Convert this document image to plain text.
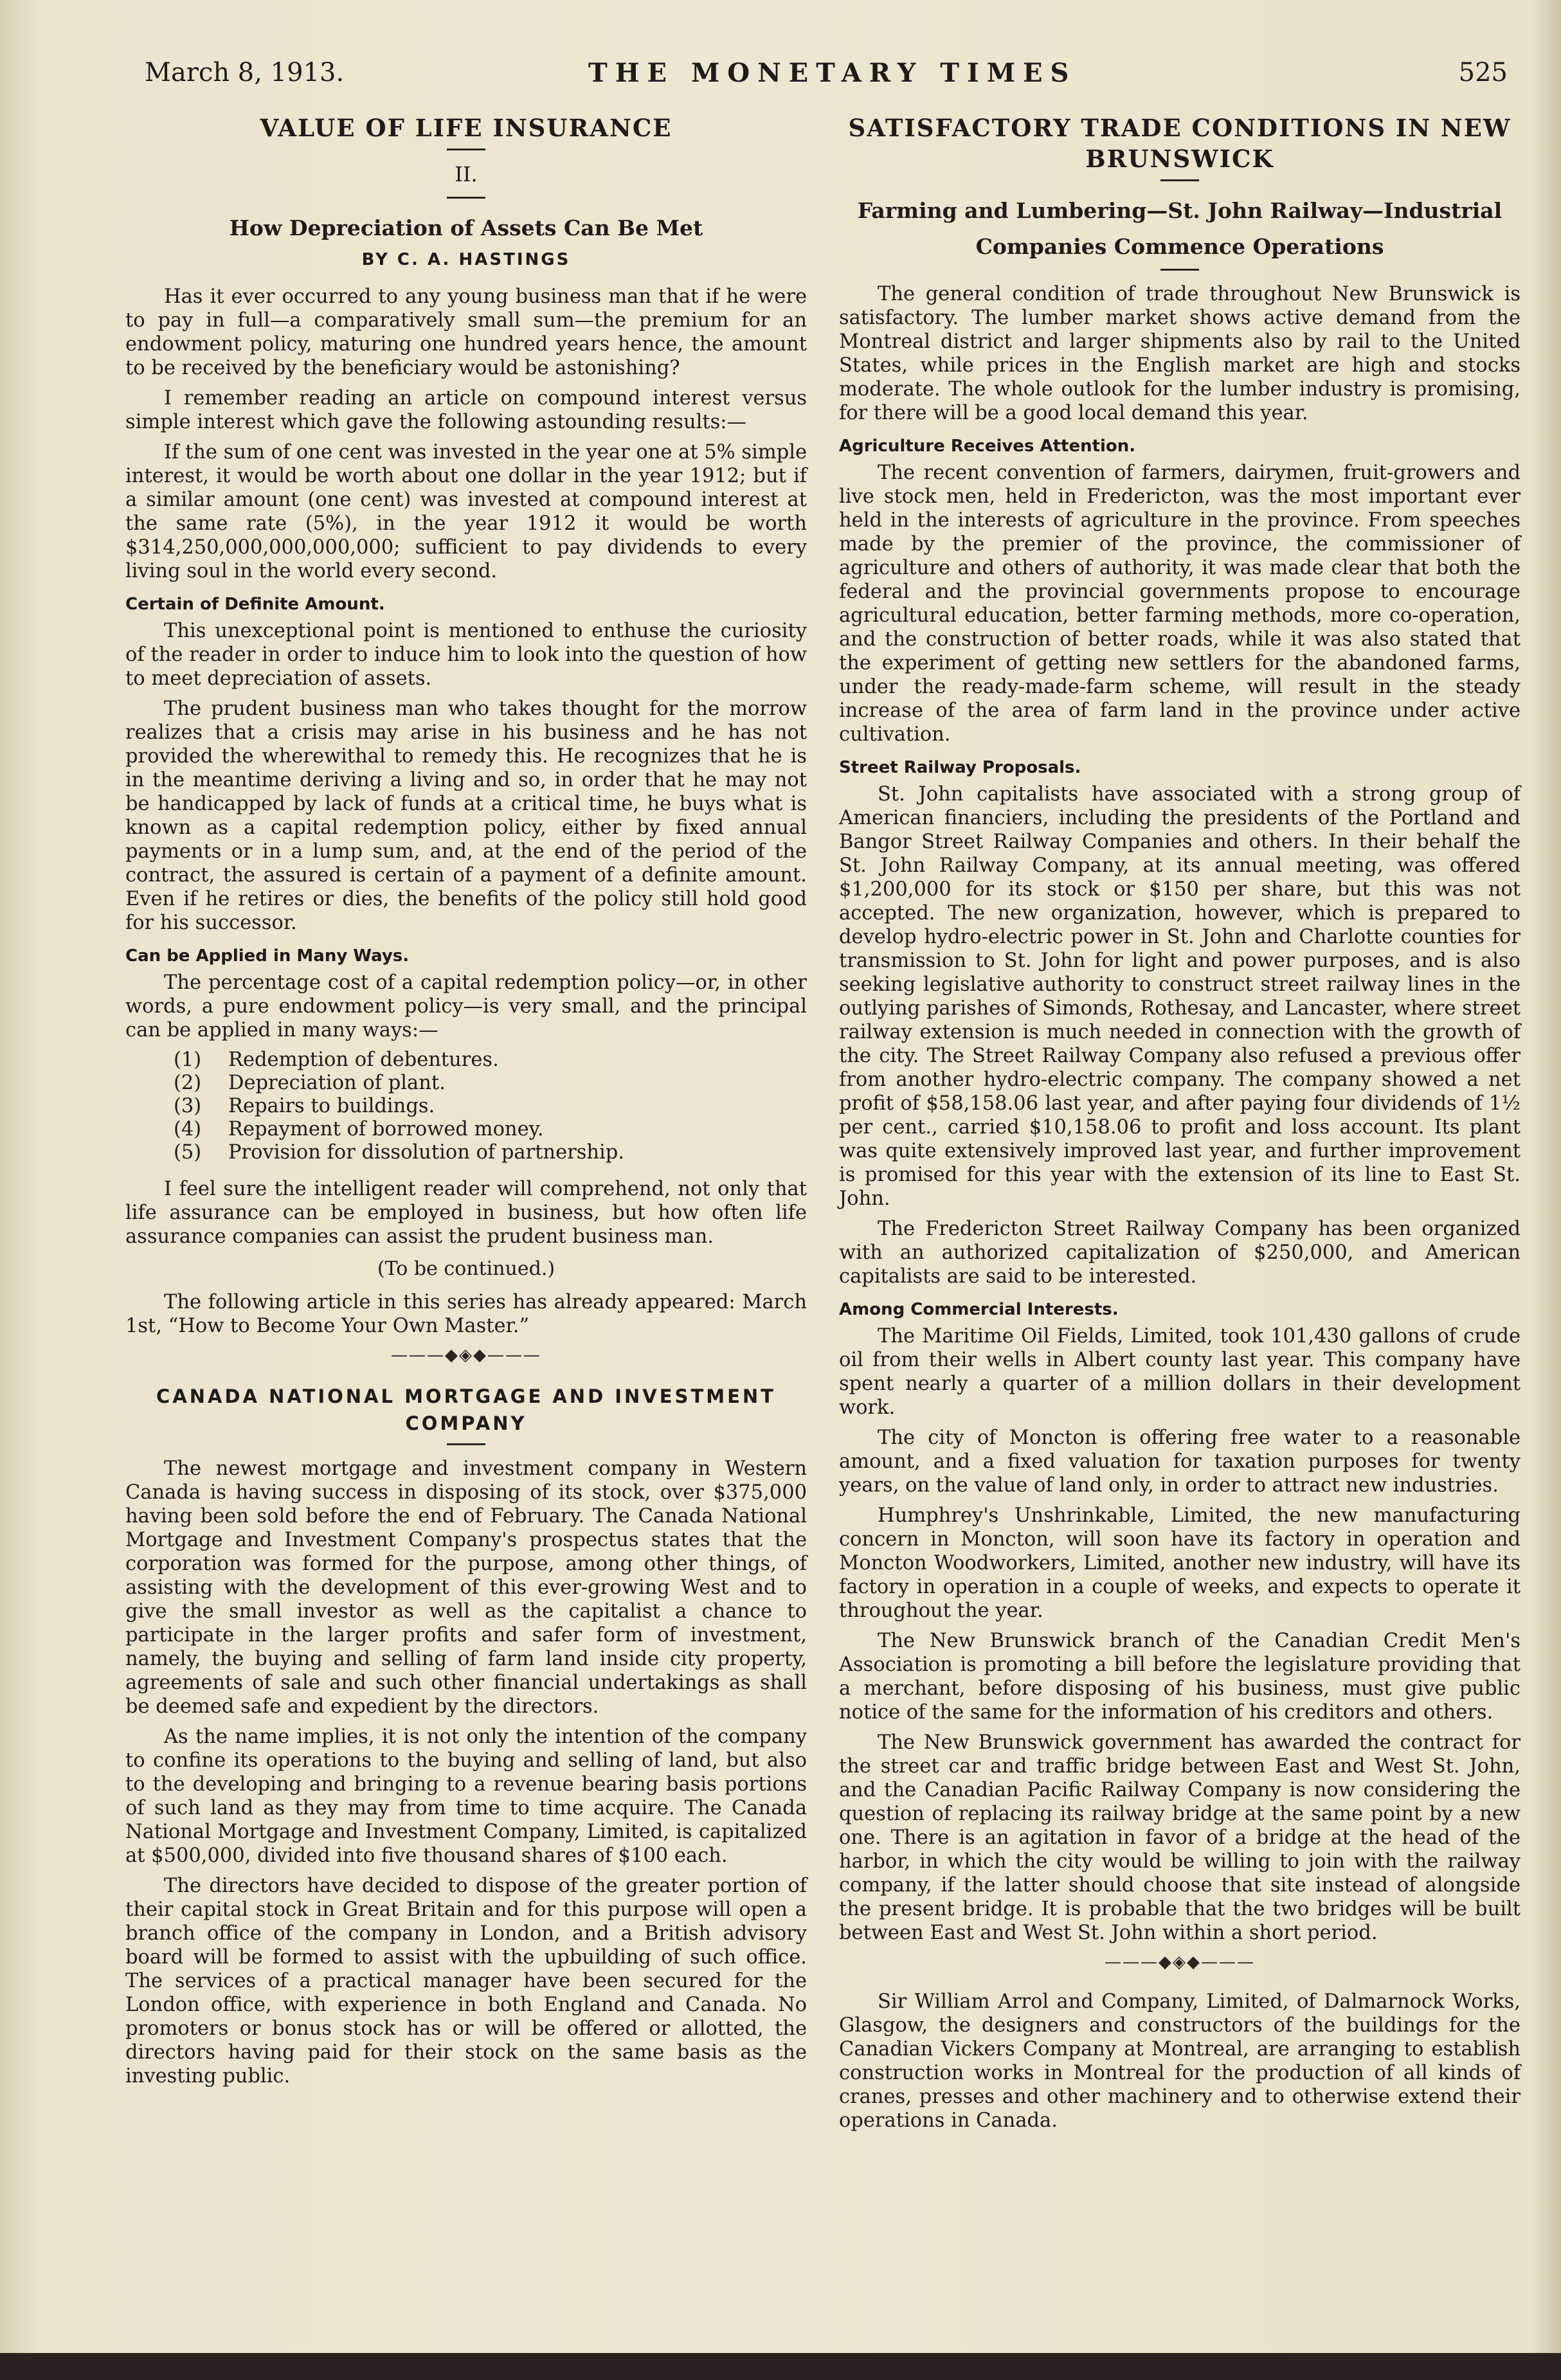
March 8, 1913.	THE MONETARY TIMES	525
VALUE OF LIFE INSURANCE
II.
How Depreciation of Assets Can Be Met
BY C. A. HASTINGS

Has it ever occurred to any young business man that if he were to pay in full—a comparatively small sum—the premium for an endowment policy, maturing one hundred years hence, the amount to be received by the beneficiary would be astonishing?

I remember reading an article on compound interest versus simple interest which gave the following astounding results:—

If the sum of one cent was invested in the year one at 5% simple interest, it would be worth about one dollar in the year 1912; but if a similar amount (one cent) was invested at compound interest at the same rate (5%), in the year 1912 it would be worth $314,250,000,000,000,000; sufficient to pay dividends to every living soul in the world every second.

Certain of Definite Amount.

This unexceptional point is mentioned to enthuse the curiosity of the reader in order to induce him to look into the question of how to meet depreciation of assets.

The prudent business man who takes thought for the morrow realizes that a crisis may arise in his business and he has not provided the wherewithal to remedy this. He recognizes that he is in the meantime deriving a living and so, in order that he may not be handicapped by lack of funds at a critical time, he buys what is known as a capital redemption policy, either by fixed annual payments or in a lump sum, and, at the end of the period of the contract, the assured is certain of a payment of a definite amount. Even if he retires or dies, the benefits of the policy still hold good for his successor.

Can be Applied in Many Ways.

The percentage cost of a capital redemption policy—or, in other words, a pure endowment policy—is very small, and the principal can be applied in many ways:—

(1) Redemption of debentures.
(2) Depreciation of plant.
(3) Repairs to buildings.
(4) Repayment of borrowed money.
(5) Provision for dissolution of partnership.

I feel sure the intelligent reader will comprehend, not only that life assurance can be employed in business, but how often life assurance companies can assist the prudent business man.

(To be continued.)

The following article in this series has already appeared: March 1st, “How to Become Your Own Master.”

———◆◈◆———
CANADA NATIONAL MORTGAGE AND INVESTMENT COMPANY

The newest mortgage and investment company in Western Canada is having success in disposing of its stock, over $375,000 having been sold before the end of February. The Canada National Mortgage and Investment Company's prospectus states that the corporation was formed for the purpose, among other things, of assisting with the development of this ever-growing West and to give the small investor as well as the capitalist a chance to participate in the larger profits and safer form of investment, namely, the buying and selling of farm land inside city property, agreements of sale and such other financial undertakings as shall be deemed safe and expedient by the directors.

As the name implies, it is not only the intention of the company to confine its operations to the buying and selling of land, but also to the developing and bringing to a revenue bearing basis portions of such land as they may from time to time acquire. The Canada National Mortgage and Investment Company, Limited, is capitalized at $500,000, divided into five thousand shares of $100 each.

The directors have decided to dispose of the greater portion of their capital stock in Great Britain and for this purpose will open a branch office of the company in London, and a British advisory board will be formed to assist with the upbuilding of such office. The services of a practical manager have been secured for the London office, with experience in both England and Canada. No promoters or bonus stock has or will be offered or allotted, the directors having paid for their stock on the same basis as the investing public.

SATISFACTORY TRADE CONDITIONS IN NEW BRUNSWICK
Farming and Lumbering—St. John Railway—Industrial Companies Commence Operations

The general condition of trade throughout New Brunswick is satisfactory. The lumber market shows active demand from the Montreal district and larger shipments also by rail to the United States, while prices in the English market are high and stocks moderate. The whole outlook for the lumber industry is promising, for there will be a good local demand this year.

Agriculture Receives Attention.

The recent convention of farmers, dairymen, fruit-growers and live stock men, held in Fredericton, was the most important ever held in the interests of agriculture in the province. From speeches made by the premier of the province, the commissioner of agriculture and others of authority, it was made clear that both the federal and the provincial governments propose to encourage agricultural education, better farming methods, more co-operation, and the construction of better roads, while it was also stated that the experiment of getting new settlers for the abandoned farms, under the ready-made-farm scheme, will result in the steady increase of the area of farm land in the province under active cultivation.

Street Railway Proposals.

St. John capitalists have associated with a strong group of American financiers, including the presidents of the Portland and Bangor Street Railway Companies and others. In their behalf the St. John Railway Company, at its annual meeting, was offered $1,200,000 for its stock or $150 per share, but this was not accepted. The new organization, however, which is prepared to develop hydro-electric power in St. John and Charlotte counties for transmission to St. John for light and power purposes, and is also seeking legislative authority to construct street railway lines in the outlying parishes of Simonds, Rothesay, and Lancaster, where street railway extension is much needed in connection with the growth of the city. The Street Railway Company also refused a previous offer from another hydro-electric company. The company showed a net profit of $58,158.06 last year, and after paying four dividends of 1½ per cent., carried $10,158.06 to profit and loss account. Its plant was quite extensively improved last year, and further improvement is promised for this year with the extension of its line to East St. John.

The Fredericton Street Railway Company has been organized with an authorized capitalization of $250,000, and American capitalists are said to be interested.

Among Commercial Interests.

The Maritime Oil Fields, Limited, took 101,430 gallons of crude oil from their wells in Albert county last year. This company have spent nearly a quarter of a million dollars in their development work.

The city of Moncton is offering free water to a reasonable amount, and a fixed valuation for taxation purposes for twenty years, on the value of land only, in order to attract new industries.

Humphrey's Unshrinkable, Limited, the new manufacturing concern in Moncton, will soon have its factory in operation and Moncton Woodworkers, Limited, another new industry, will have its factory in operation in a couple of weeks, and expects to operate it throughout the year.

The New Brunswick branch of the Canadian Credit Men's Association is promoting a bill before the legislature providing that a merchant, before disposing of his business, must give public notice of the same for the information of his creditors and others.

The New Brunswick government has awarded the contract for the street car and traffic bridge between East and West St. John, and the Canadian Pacific Railway Company is now considering the question of replacing its railway bridge at the same point by a new one. There is an agitation in favor of a bridge at the head of the harbor, in which the city would be willing to join with the railway company, if the latter should choose that site instead of alongside the present bridge. It is probable that the two bridges will be built between East and West St. John within a short period.

———◆◈◆———

Sir William Arrol and Company, Limited, of Dalmarnock Works, Glasgow, the designers and constructors of the buildings for the Canadian Vickers Company at Montreal, are arranging to establish construction works in Montreal for the production of all kinds of cranes, presses and other machinery and to otherwise extend their operations in Canada.
